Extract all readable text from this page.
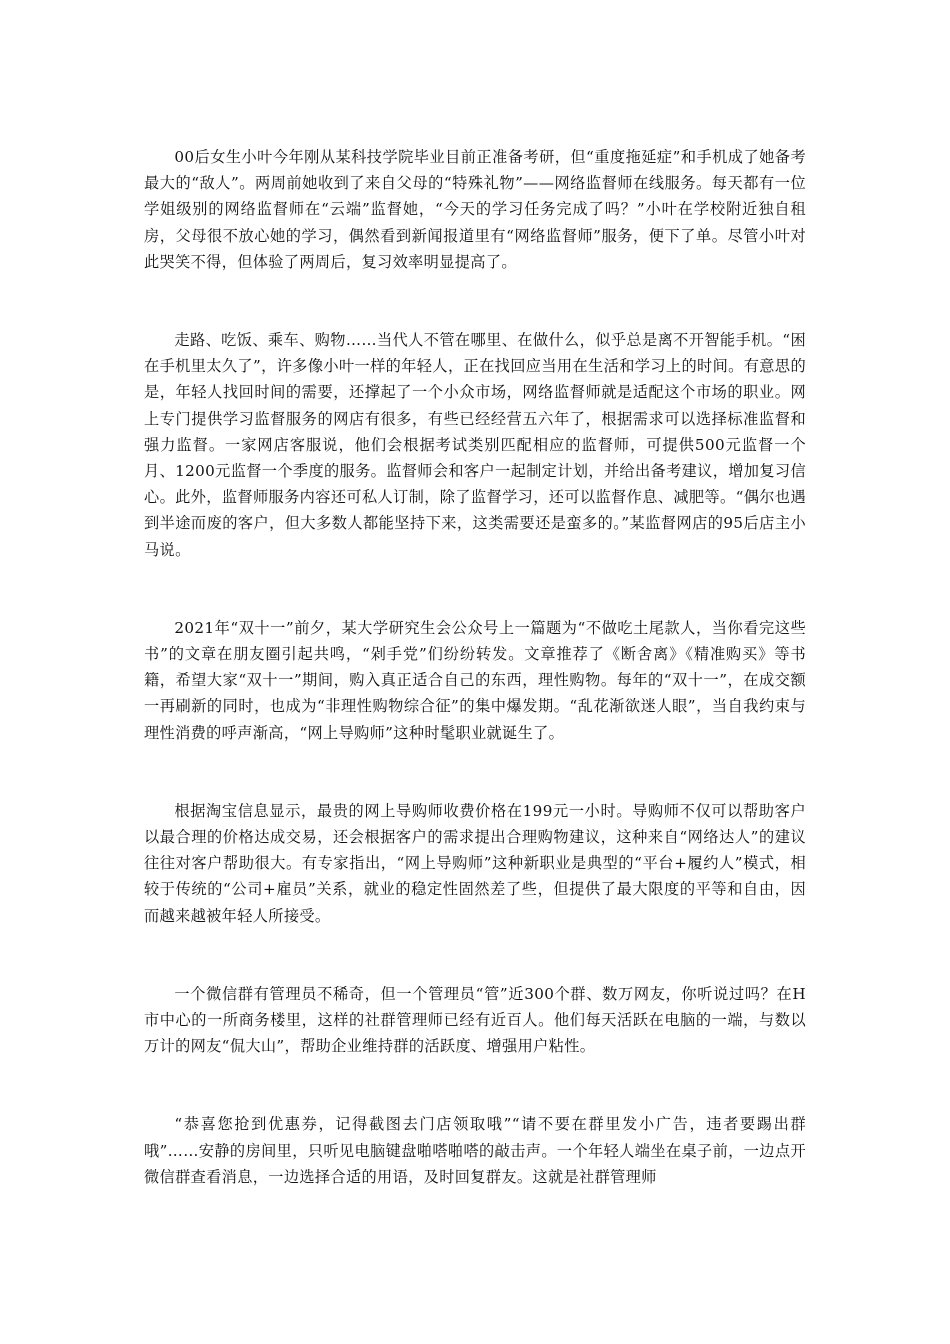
00后女生小叶今年刚从某科技学院毕业目前正准备考研，但“重度拖延症”和手机成了她备考最大的“敌人”。两周前她收到了来自父母的“特殊礼物”——网络监督师在线服务。每天都有一位学姐级别的网络监督师在“云端”监督她，“今天的学习任务完成了吗？”小叶在学校附近独自租房，父母很不放心她的学习，偶然看到新闻报道里有“网络监督师”服务，便下了单。尽管小叶对此哭笑不得，但体验了两周后，复习效率明显提高了。

走路、吃饭、乘车、购物……当代人不管在哪里、在做什么，似乎总是离不开智能手机。“困在手机里太久了”，许多像小叶一样的年轻人，正在找回应当用在生活和学习上的时间。有意思的是，年轻人找回时间的需要，还撑起了一个小众市场，网络监督师就是适配这个市场的职业。网上专门提供学习监督服务的网店有很多，有些已经经营五六年了，根据需求可以选择标准监督和强力监督。一家网店客服说，他们会根据考试类别匹配相应的监督师，可提供500元监督一个月、1200元监督一个季度的服务。监督师会和客户一起制定计划，并给出备考建议，增加复习信心。此外，监督师服务内容还可私人订制，除了监督学习，还可以监督作息、减肥等。“偶尔也遇到半途而废的客户，但大多数人都能坚持下来，这类需要还是蛮多的。”某监督网店的95后店主小马说。

2021年“双十一”前夕，某大学研究生会公众号上一篇题为“不做吃土尾款人，当你看完这些书”的文章在朋友圈引起共鸣，“剁手党”们纷纷转发。文章推荐了《断舍离》《精准购买》等书籍，希望大家“双十一”期间，购入真正适合自己的东西，理性购物。每年的“双十一”，在成交额一再刷新的同时，也成为“非理性购物综合征”的集中爆发期。“乱花渐欲迷人眼”，当自我约束与理性消费的呼声渐高，“网上导购师”这种时髦职业就诞生了。

根据淘宝信息显示，最贵的网上导购师收费价格在199元一小时。导购师不仅可以帮助客户以最合理的价格达成交易，还会根据客户的需求提出合理购物建议，这种来自“网络达人”的建议往往对客户帮助很大。有专家指出，“网上导购师”这种新职业是典型的“平台+履约人”模式，相较于传统的“公司+雇员”关系，就业的稳定性固然差了些，但提供了最大限度的平等和自由，因而越来越被年轻人所接受。

一个微信群有管理员不稀奇，但一个管理员“管”近300个群、数万网友，你听说过吗？在H市中心的一所商务楼里，这样的社群管理师已经有近百人。他们每天活跃在电脑的一端，与数以万计的网友“侃大山”，帮助企业维持群的活跃度、增强用户粘性。

“恭喜您抢到优惠券，记得截图去门店领取哦”“请不要在群里发小广告，违者要踢出群哦”……安静的房间里，只听见电脑键盘啪嗒啪嗒的敲击声。一个年轻人端坐在桌子前，一边点开微信群查看消息，一边选择合适的用语，及时回复群友。这就是社群管理师
